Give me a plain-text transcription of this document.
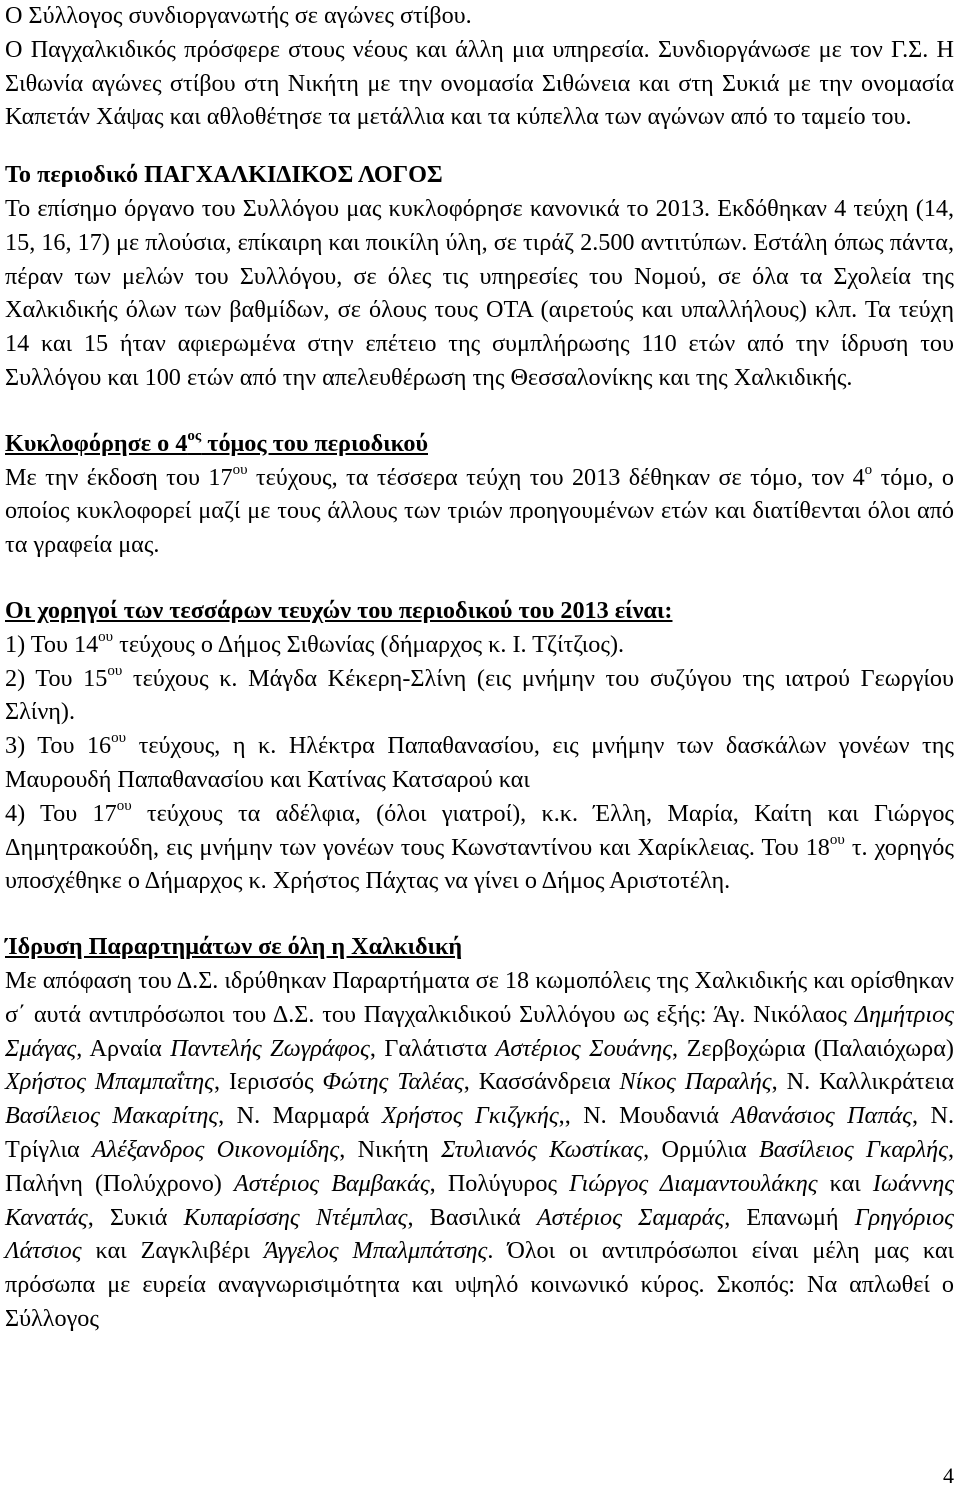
Ο Σύλλογος συνδιοργανωτής σε αγώνες στίβου.

Ο Παγχαλκιδικός πρόσφερε στους νέους και άλλη μια υπηρεσία. Συνδιοργάνωσε με τον Γ.Σ. Η Σιθωνία αγώνες στίβου στη Νικήτη με την ονομασία Σιθώνεια και στη Συκιά με την ονομασία Καπετάν Χάψας και αθλοθέτησε τα μετάλλια και τα κύπελλα των αγώνων από το ταμείο του.

Το περιοδικό ΠΑΓΧΑΛΚΙΔΙΚΟΣ ΛΟΓΟΣ

Το επίσημο όργανο του Συλλόγου μας κυκλοφόρησε κανονικά το 2013. Εκδόθηκαν 4 τεύχη (14, 15, 16, 17) με πλούσια, επίκαιρη και ποικίλη ύλη, σε τιράζ 2.500 αντιτύπων. Εστάλη όπως πάντα, πέραν των μελών του Συλλόγου, σε όλες τις υπηρεσίες του Νομού, σε όλα τα Σχολεία της Χαλκιδικής όλων των βαθμίδων, σε όλους τους ΟΤΑ (αιρετούς και υπαλλήλους) κλπ. Τα τεύχη 14 και 15 ήταν αφιερωμένα στην επέτειο της συμπλήρωσης 110 ετών από την ίδρυση του Συλλόγου και 100 ετών από την απελευθέρωση της Θεσσαλονίκης και της Χαλκιδικής.

Κυκλοφόρησε ο $4^{o\varsigma}$ τόμος του περιοδικού

Με την έκδοση του $17^{o\upsilon}$ τεύχους, τα τέσσερα τεύχη του 2013 δέθηκαν σε τόμο, τον $4^o$ τόμο, ο οποίος κυκλοφορεί μαζί με τους άλλους των τριών προηγουμένων ετών και διατίθενται όλοι από τα γραφεία μας.

Οι χορηγοί των τεσσάρων τευχών του περιοδικού του 2013 είναι:

1) Του $14^{o\upsilon}$ τεύχους ο Δήμος Σιθωνίας (δήμαρχος κ. Ι. Τζίτζιος).

2) Του $15^{o\upsilon}$ τεύχους κ. Μάγδα Κέκερη-Σλίνη (εις μνήμην του συζύγου της ιατρού Γεωργίου Σλίνη).

3) Του $16^{o\upsilon}$ τεύχους, η κ. Ηλέκτρα Παπαθανασίου, εις μνήμην των δασκάλων γονέων της Μαυρουδή Παπαθανασίου και Κατίνας Κατσαρού και

4) Του $17^{o\upsilon}$ τεύχους τα αδέλφια, (όλοι γιατροί), κ.κ. Έλλη, Μαρία, Καίτη και Γιώργος Δημητρακούδη, εις μνήμην των γονέων τους Κωνσταντίνου και Χαρίκλειας. Του $18^{o\upsilon}$ τ. χορηγός υποσχέθηκε ο Δήμαρχος κ. Χρήστος Πάχτας να γίνει ο Δήμος Αριστοτέλη.

Ίδρυση Παραρτημάτων σε όλη η Χαλκιδική

Με απόφαση του Δ.Σ. ιδρύθηκαν Παραρτήματα σε 18 κωμοπόλεις της Χαλκιδικής και ορίσθηκαν σ΄ αυτά αντιπρόσωποι του Δ.Σ. του Παγχαλκιδικού Συλλόγου ως εξής: Άγ. Νικόλαος Δημήτριος Σμάγας, Αρναία Παντελής Ζωγράφος, Γαλάτιστα Αστέριος Σουάνης, Ζερβοχώρια (Παλαιόχωρα) Χρήστος Μπαμπαΐτης, Ιερισσός Φώτης Ταλέας, Κασσάνδρεια Νίκος Παραλής, Ν. Καλλικράτεια Βασίλειος Μακαρίτης, Ν. Μαρμαρά Χρήστος Γκιζγκής,, Ν. Μουδανιά Αθανάσιος Παπάς, Ν. Τρίγλια Αλέξανδρος Οικονομίδης, Νικήτη Στυλιανός Κωστίκας, Ορμύλια Βασίλειος Γκαρλής, Παλήνη (Πολύχρονο) Αστέριος Βαμβακάς, Πολύγυρος Γιώργος Διαμαντουλάκης και Ιωάννης Κανατάς, Συκιά Κυπαρίσσης Ντέμπλας, Βασιλικά Αστέριος Σαμαράς, Επανωμή Γρηγόριος Λάτσιος και Ζαγκλιβέρι Άγγελος Μπαλμπάτσης. Όλοι οι αντιπρόσωποι είναι μέλη μας και πρόσωπα με ευρεία αναγνωρισιμότητα και υψηλό κοινωνικό κύρος. Σκοπός: Να απλωθεί ο Σύλλογος

4
